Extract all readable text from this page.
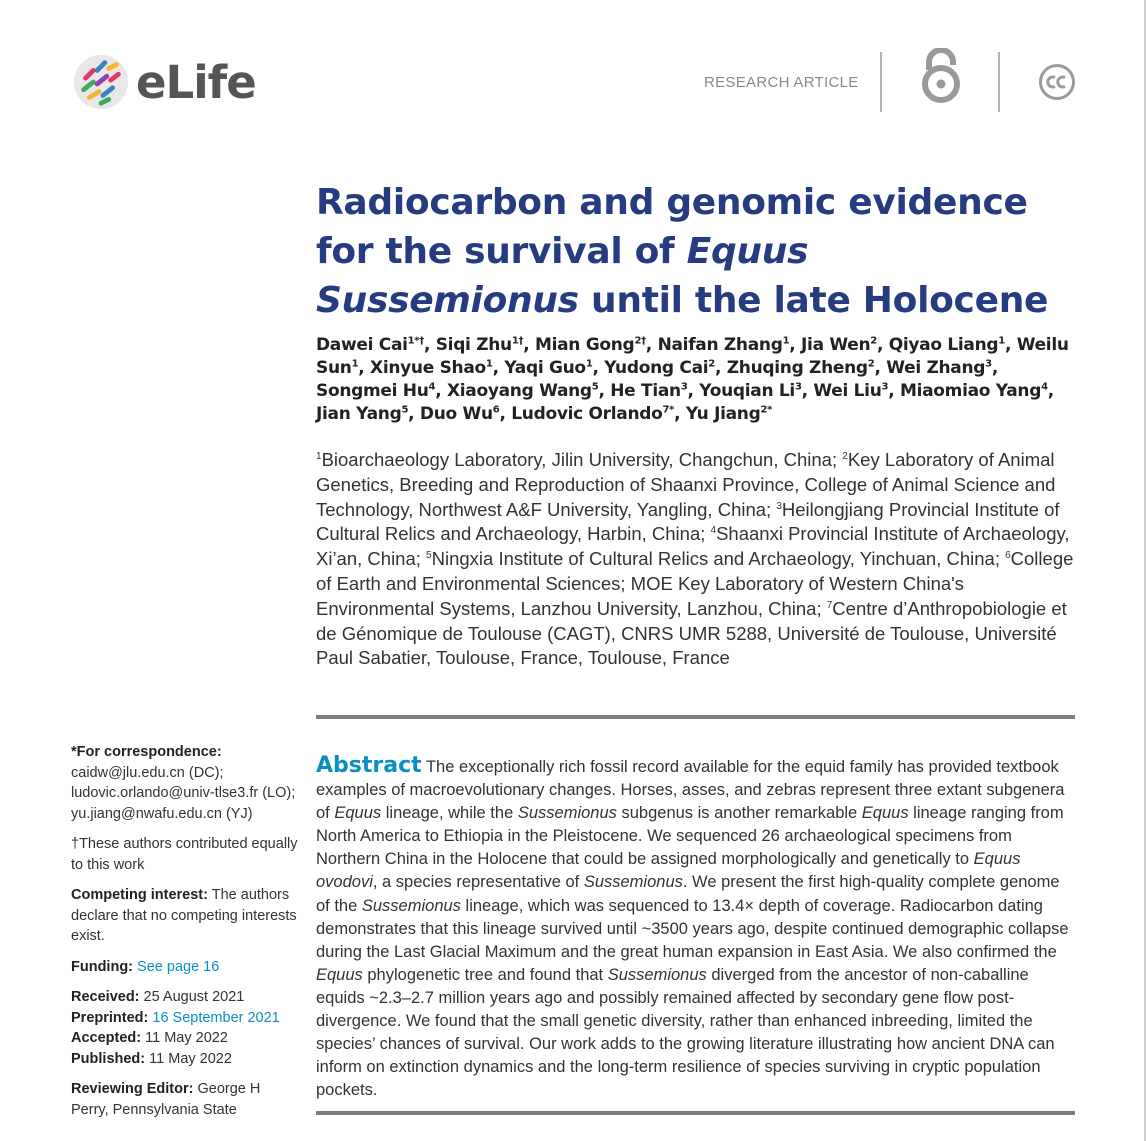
eLife	RESEARCH ARTICLE
Radiocarbon and genomic evidence for the survival of Equus Sussemionus until the late Holocene
Dawei Cai$^{1*\dagger}$, Siqi Zhu$^{1\dagger}$, Mian Gong$^{2\dagger}$, Naifan Zhang$^1$, Jia Wen$^2$, Qiyao Liang$^1$, Weilu Sun$^1$, Xinyue Shao$^1$, Yaqi Guo$^1$, Yudong Cai$^2$, Zhuqing Zheng$^2$, Wei Zhang$^3$, Songmei Hu$^4$, Xiaoyang Wang$^5$, He Tian$^3$, Youqian Li$^3$, Wei Liu$^3$, Miaomiao Yang$^4$, Jian Yang$^5$, Duo Wu$^6$, Ludovic Orlando$^{7*}$, Yu Jiang$^{2*}$
$^1$Bioarchaeology Laboratory, Jilin University, Changchun, China; $^2$Key Laboratory of Animal Genetics, Breeding and Reproduction of Shaanxi Province, College of Animal Science and Technology, Northwest A&F University, Yangling, China; $^3$Heilongjiang Provincial Institute of Cultural Relics and Archaeology, Harbin, China; $^4$Shaanxi Provincial Institute of Archaeology, Xi’an, China; $^5$Ningxia Institute of Cultural Relics and Archaeology, Yinchuan, China; $^6$College of Earth and Environmental Sciences; MOE Key Laboratory of Western China's Environmental Systems, Lanzhou University, Lanzhou, China; $^7$Centre d’Anthropobiologie et de Génomique de Toulouse (CAGT), CNRS UMR 5288, Université de Toulouse, Université Paul Sabatier, Toulouse, France, Toulouse, France
*For correspondence:
caidw@jlu.edu.cn (DC);
ludovic.orlando@univ-tlse3.fr (LO);
yu.jiang@nwafu.edu.cn (YJ)
†These authors contributed equally to this work
Competing interest: The authors declare that no competing interests exist.
Funding: See page 16
Received: 25 August 2021
Preprinted: 16 September 2021
Accepted: 11 May 2022
Published: 11 May 2022
Reviewing Editor: George H Perry, Pennsylvania State
Abstract The exceptionally rich fossil record available for the equid family has provided textbook examples of macroevolutionary changes. Horses, asses, and zebras represent three extant subgenera of Equus lineage, while the Sussemionus subgenus is another remarkable Equus lineage ranging from North America to Ethiopia in the Pleistocene. We sequenced 26 archaeological specimens from Northern China in the Holocene that could be assigned morphologically and genetically to Equus ovodovi, a species representative of Sussemionus. We present the first high-quality complete genome of the Sussemionus lineage, which was sequenced to 13.4× depth of coverage. Radiocarbon dating demonstrates that this lineage survived until ~3500 years ago, despite continued demographic collapse during the Last Glacial Maximum and the great human expansion in East Asia. We also confirmed the Equus phylogenetic tree and found that Sussemionus diverged from the ancestor of non-caballine equids ~2.3–2.7 million years ago and possibly remained affected by secondary gene flow post-divergence. We found that the small genetic diversity, rather than enhanced inbreeding, limited the species’ chances of survival. Our work adds to the growing literature illustrating how ancient DNA can inform on extinction dynamics and the long-term resilience of species surviving in cryptic population pockets.
